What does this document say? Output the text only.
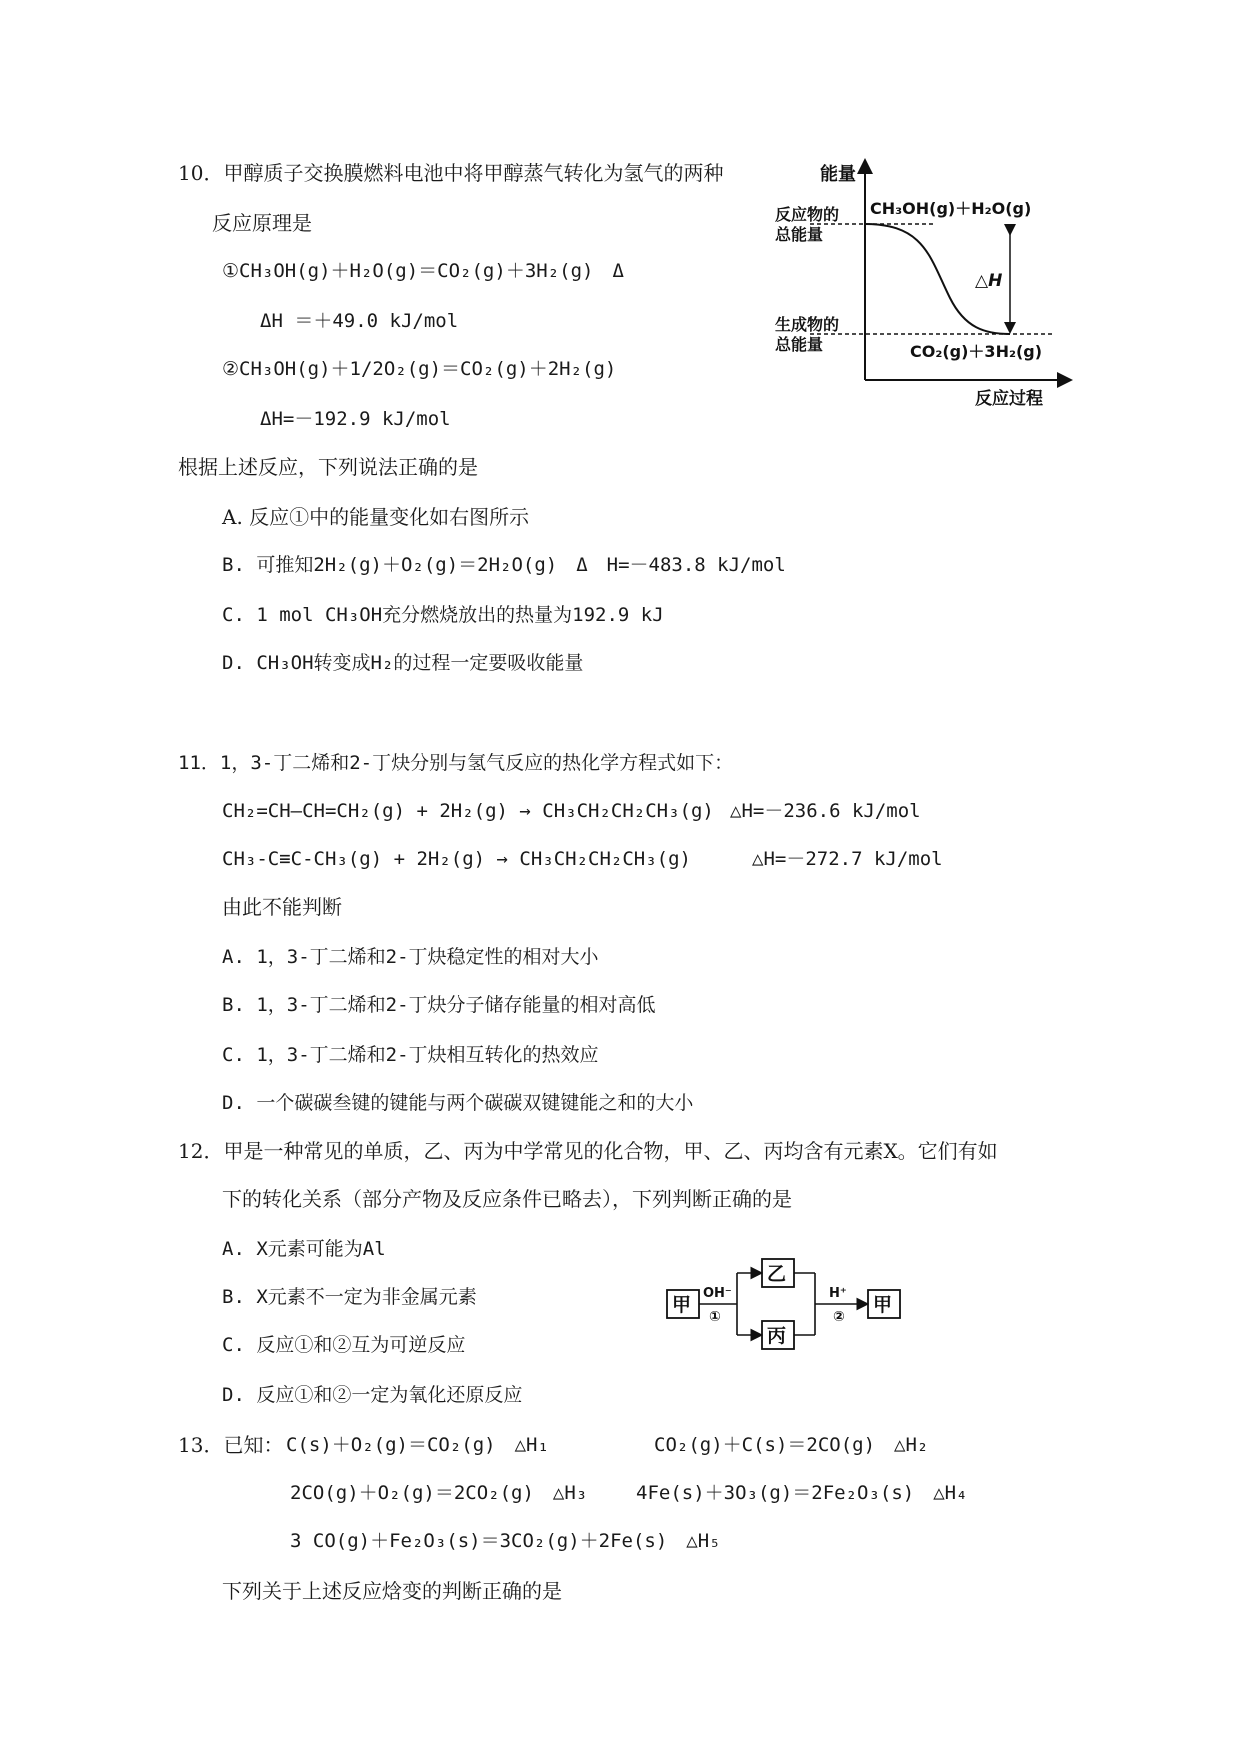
10．甲醇质子交换膜燃料电池中将甲醇蒸气转化为氢气的两种
反应原理是
①CH₃OH(g)＋H₂O(g)＝CO₂(g)＋3H₂(g)　Δ
ΔH ＝＋49.0 kJ/mol
②CH₃OH(g)＋1/2O₂(g)＝CO₂(g)＋2H₂(g)
ΔH=－192.9 kJ/mol
根据上述反应，下列说法正确的是
A. 反应①中的能量变化如右图所示
B. 可推知2H₂(g)＋O₂(g)＝2H₂O(g)　Δ　H=－483.8 kJ/mol
C. 1 mol CH₃OH充分燃烧放出的热量为192.9 kJ
D. CH₃OH转变成H₂的过程一定要吸收能量
能量
反应物的
总能量
CH₃OH(g)＋H₂O(g)
生成物的
总能量	CO₂(g)＋3H₂(g)
△H
反应过程
11．1，3-丁二烯和2-丁炔分别与氢气反应的热化学方程式如下：
CH₂=CH—CH=CH₂(g) + 2H₂(g) → CH₃CH₂CH₂CH₃(g) △H=－236.6 kJ/mol
CH₃-C≡C-CH₃(g) + 2H₂(g) → CH₃CH₂CH₂CH₃(g)	△H=－272.7 kJ/mol
由此不能判断
A. 1，3-丁二烯和2-丁炔稳定性的相对大小
B. 1，3-丁二烯和2-丁炔分子储存能量的相对高低
C. 1，3-丁二烯和2-丁炔相互转化的热效应
D. 一个碳碳叁键的键能与两个碳碳双键键能之和的大小
12．甲是一种常见的单质，乙、丙为中学常见的化合物，甲、乙、丙均含有元素X。它们有如
下的转化关系（部分产物及反应条件已略去），下列判断正确的是
A. X元素可能为Al
B. X元素不一定为非金属元素
C. 反应①和②互为可逆反应
D. 反应①和②一定为氧化还原反应
甲
OH⁻
①
乙
丙
H⁺
②
甲
13．已知： C(s)＋O₂(g)＝CO₂(g)　△H₁	CO₂(g)＋C(s)＝2CO(g)　△H₂
2CO(g)＋O₂(g)＝2CO₂(g)　△H₃	4Fe(s)＋3O₃(g)＝2Fe₂O₃(s)　△H₄
3 CO(g)＋Fe₂O₃(s)＝3CO₂(g)＋2Fe(s)　△H₅
下列关于上述反应焓变的判断正确的是
